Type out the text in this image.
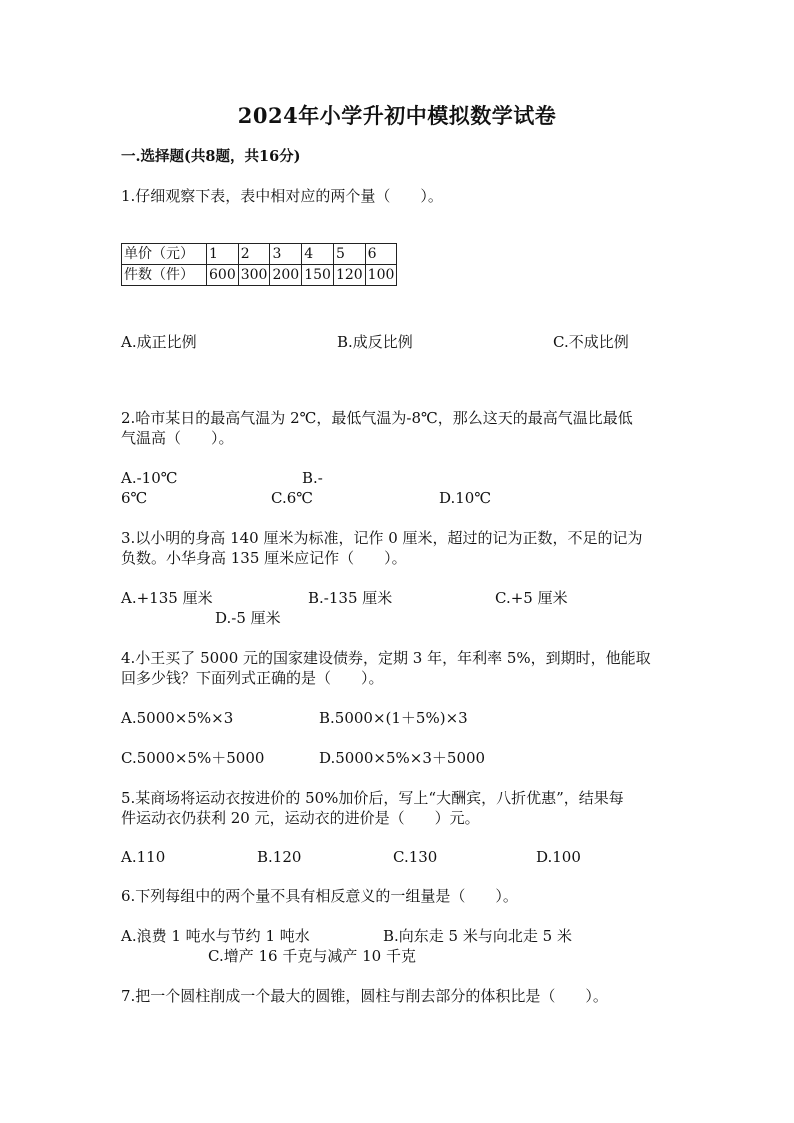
2024年小学升初中模拟数学试卷
一.选择题(共8题，共16分)
1.仔细观察下表，表中相对应的两个量（　　）。
单价（元）	1	2	3	4	5	6
件数（件）	600	300	200	150	120	100
A.成正比例	B.成反比例	C.不成比例
2.哈市某日的最高气温为 2℃，最低气温为-8℃，那么这天的最高气温比最低
气温高（　　）。
A.-10℃	B.-
6℃	C.6℃	D.10℃
3.以小明的身高 140 厘米为标准，记作 0 厘米，超过的记为正数，不足的记为
负数。小华身高 135 厘米应记作（　　）。
A.+135 厘米	B.-135 厘米	C.+5 厘米
D.-5 厘米
4.小王买了 5000 元的国家建设债券，定期 3 年，年利率 5%，到期时，他能取
回多少钱？下面列式正确的是（　　）。
A.5000×5%×3	B.5000×(1＋5%)×3
C.5000×5%＋5000	D.5000×5%×3＋5000
5.某商场将运动衣按进价的 50%加价后，写上“大酬宾，八折优惠”，结果每
件运动衣仍获利 20 元，运动衣的进价是（　　）元。
A.110	B.120	C.130	D.100
6.下列每组中的两个量不具有相反意义的一组量是（　　）。
A.浪费 1 吨水与节约 1 吨水	B.向东走 5 米与向北走 5 米
C.增产 16 千克与减产 10 千克
7.把一个圆柱削成一个最大的圆锥，圆柱与削去部分的体积比是（　　）。
